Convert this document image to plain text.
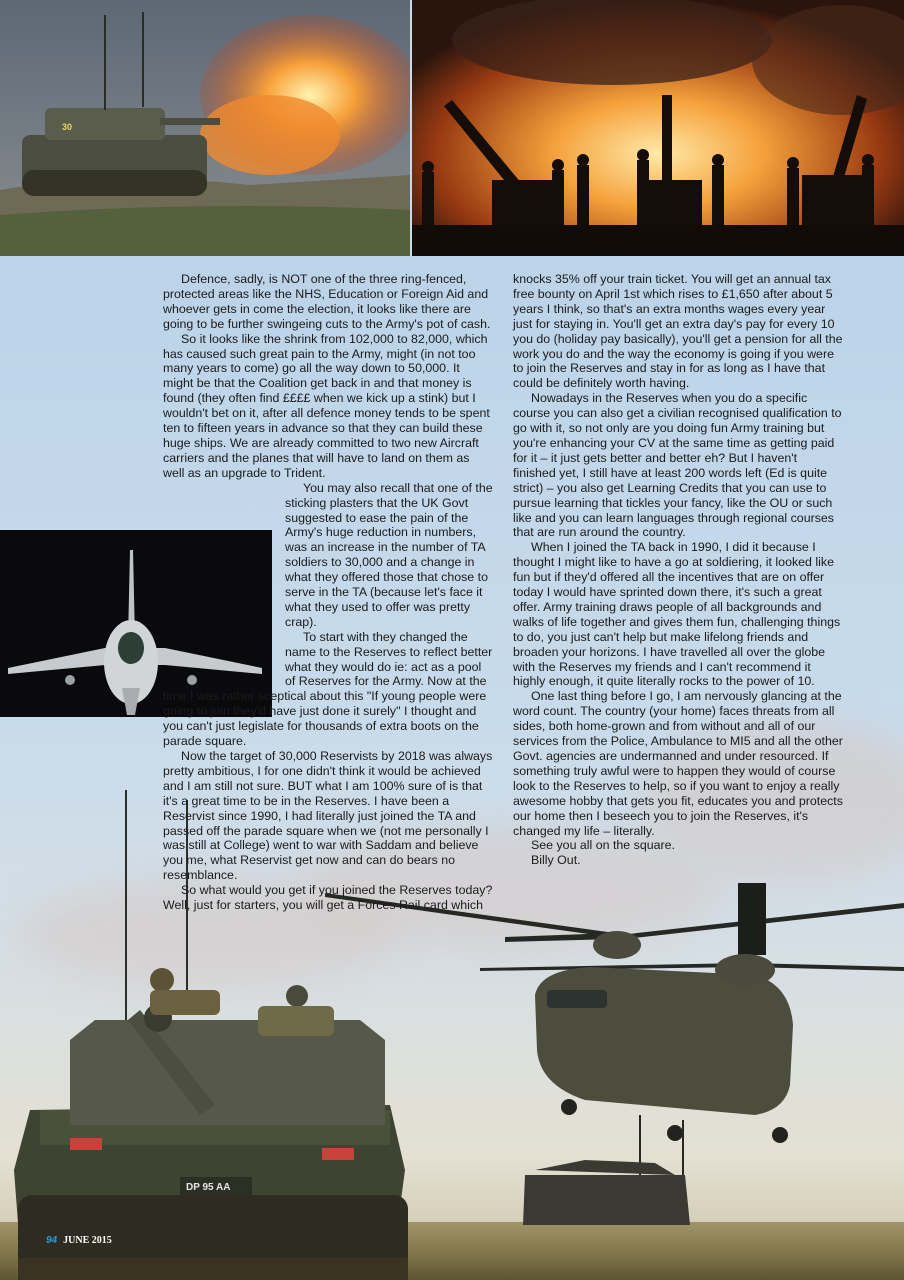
30
DP 95 AA

Defence, sadly, is NOT one of the three ring-fenced, protected areas like the NHS, Education or Foreign Aid and whoever gets in come the election, it looks like there are going to be further swingeing cuts to the Army's pot of cash.

So it looks like the shrink from 102,000 to 82,000, which has caused such great pain to the Army, might (in not too many years to come) go all the way down to 50,000. It might be that the Coalition get back in and that money is found (they often find ££££ when we kick up a stink) but I wouldn't bet on it, after all defence money tends to be spent ten to fifteen years in advance so that they can build these huge ships. We are already committed to two new Aircraft carriers and the planes that will have to land on them as well as an upgrade to Trident.

You may also recall that one of the sticking plasters that the UK Govt suggested to ease the pain of the Army's huge reduction in numbers, was an increase in the number of TA soldiers to 30,000 and a change in what they offered those that chose to serve in the TA (because let's face it what they used to offer was pretty crap).

To start with they changed the name to the Reserves to reflect better what they would do ie: act as a pool of Reserves for the Army. Now at the time I was rather sceptical about this "If young people were going to join they'd have just done it surely" I thought and you can't just legislate for thousands of extra boots on the parade square.

Now the target of 30,000 Reservists by 2018 was always pretty ambitious, I for one didn't think it would be achieved and I am still not sure. BUT what I am 100% sure of is that it's a great time to be in the Reserves. I have been a Reservist since 1990, I had literally just joined the TA and passed off the parade square when we (not me personally I was still at College) went to war with Saddam and believe you me, what Reservist get now and can do bears no resemblance.

So what would you get if you joined the Reserves today? Well, just for starters, you will get a Forces Rail card which

knocks 35% off your train ticket. You will get an annual tax free bounty on April 1st which rises to £1,650 after about 5 years I think, so that's an extra months wages every year just for staying in. You'll get an extra day's pay for every 10 you do (holiday pay basically), you'll get a pension for all the work you do and the way the economy is going if you were to join the Reserves and stay in for as long as I have that could be definitely worth having.

Nowadays in the Reserves when you do a specific course you can also get a civilian recognised qualification to go with it, so not only are you doing fun Army training but you're enhancing your CV at the same time as getting paid for it – it just gets better and better eh? But I haven't finished yet, I still have at least 200 words left (Ed is quite strict) – you also get Learning Credits that you can use to pursue learning that tickles your fancy, like the OU or such like and you can learn languages through regional courses that are run around the country.

When I joined the TA back in 1990, I did it because I thought I might like to have a go at soldiering, it looked like fun but if they'd offered all the incentives that are on offer today I would have sprinted down there, it's such a great offer. Army training draws people of all backgrounds and walks of life together and gives them fun, challenging things to do, you just can't help but make lifelong friends and broaden your horizons. I have travelled all over the globe with the Reserves my friends and I can't recommend it highly enough, it quite literally rocks to the power of 10.

One last thing before I go, I am nervously glancing at the word count. The country (your home) faces threats from all sides, both home-grown and from without and all of our services from the Police, Ambulance to MI5 and all the other Govt. agencies are undermanned and under resourced. If something truly awful were to happen they would of course look to the Reserves to help, so if you want to enjoy a really awesome hobby that gets you fit, educates you and protects our home then I beseech you to join the Reserves, it's changed my life – literally.

See you all on the square.

Billy Out.

94 JUNE 2015
